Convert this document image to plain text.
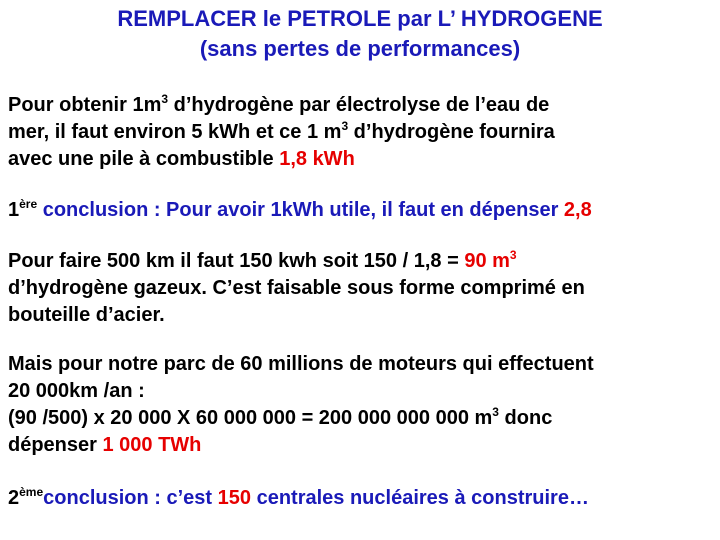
REMPLACER le PETROLE par L’ HYDROGENE
(sans pertes de performances)
Pour obtenir $1m^3$ d’hydrogène par électrolyse de l’eau de
mer, il faut environ 5 kWh et ce 1 $m^3$ d’hydrogène fournira
avec une pile à combustible 1,8 kWh
1ère conclusion : Pour avoir 1kWh utile, il faut en dépenser 2,8
Pour faire 500 km il faut 150 kwh soit 150 / 1,8 = 90 $m^3$
d’hydrogène gazeux. C’est faisable sous forme comprimé en
bouteille d’acier.
Mais pour notre parc de 60 millions de moteurs qui effectuent
20 000km /an :
(90 /500) x 20 000 X 60 000 000 = 200 000 000 000 $m^3$ donc
dépenser 1 000 TWh
2èmeconclusion : c’est 150 centrales nucléaires à construire…
